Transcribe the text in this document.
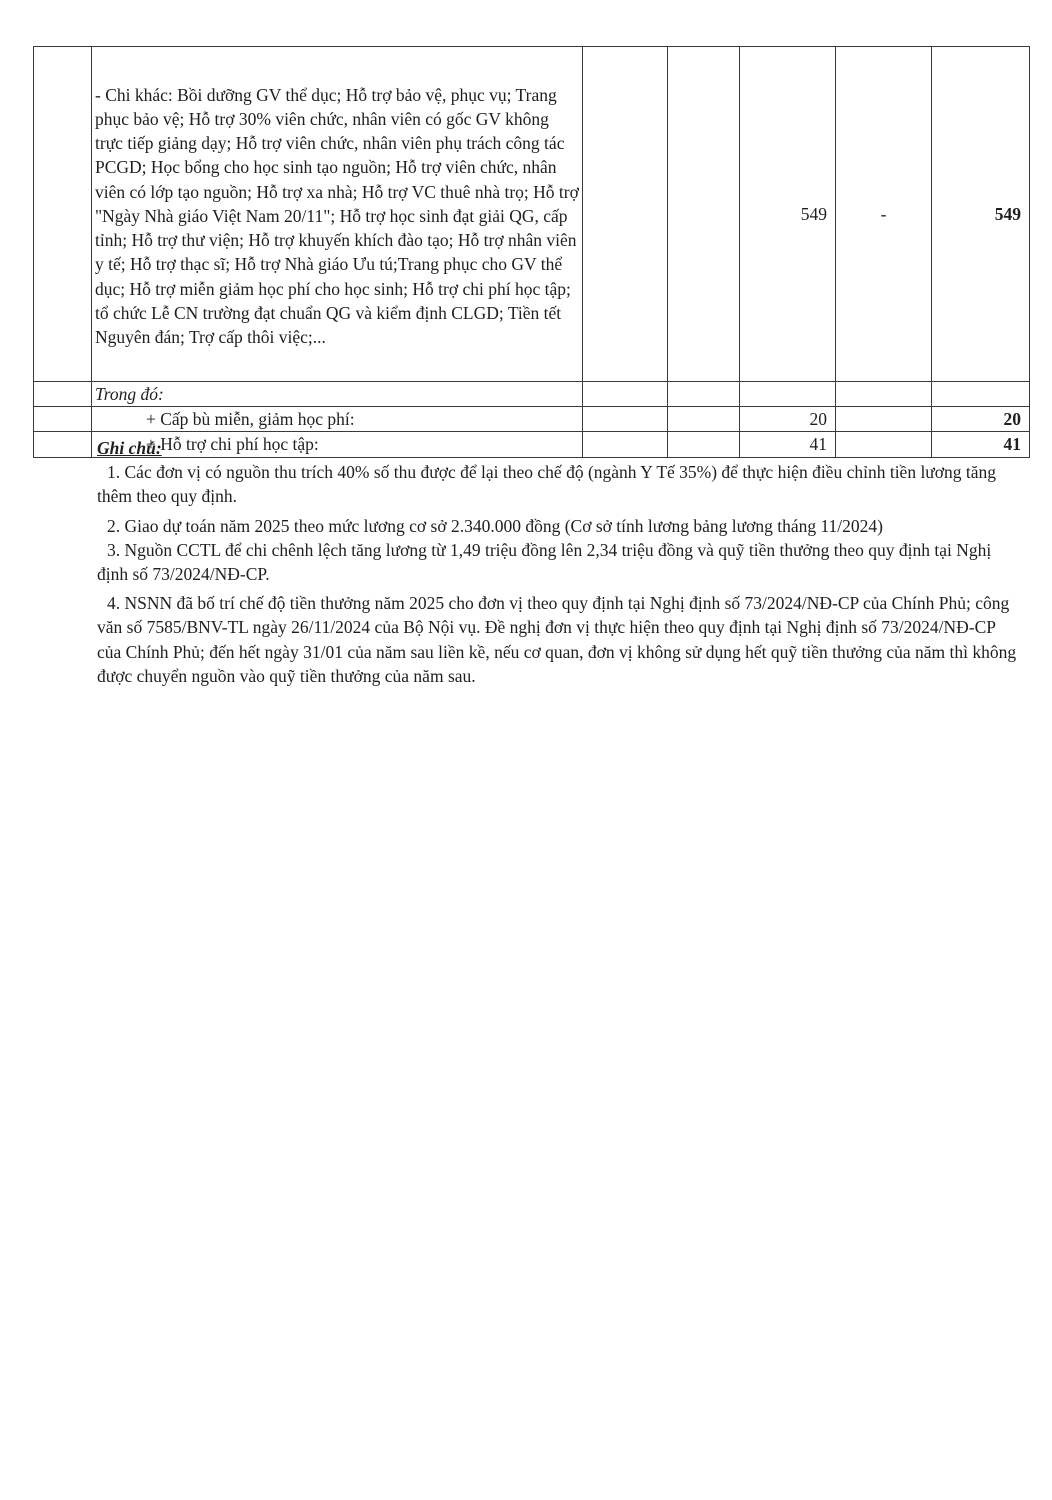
	- Chi khác: Bồi dưỡng GV thể dục; Hỗ trợ bảo vệ, phục vụ; Trang phục bảo vệ; Hỗ trợ 30% viên chức, nhân viên có gốc GV không trực tiếp giảng dạy; Hỗ trợ viên chức, nhân viên phụ trách công tác PCGD; Học bổng cho học sinh tạo nguồn; Hỗ trợ viên chức, nhân viên có lớp tạo nguồn; Hỗ trợ xa nhà; Hỗ trợ VC thuê nhà trọ; Hỗ trợ "Ngày Nhà giáo Việt Nam 20/11"; Hỗ trợ học sinh đạt giải QG, cấp tỉnh; Hỗ trợ thư viện; Hỗ trợ khuyến khích đào tạo; Hỗ trợ nhân viên y tế; Hỗ trợ thạc sĩ; Hỗ trợ Nhà giáo Ưu tú;Trang phục cho GV thể dục; Hỗ trợ miễn giảm học phí cho học sinh; Hỗ trợ chi phí học tập; tổ chức Lễ CN trường đạt chuẩn QG và kiểm định CLGD; Tiền tết Nguyên đán; Trợ cấp thôi việc;...			549	-	549
	Trong đó:					
	+ Cấp bù miễn, giảm học phí:			20		20
	+ Hỗ trợ chi phí học tập:			41		41
Ghi chú:

1. Các đơn vị có nguồn thu trích 40% số thu được để lại theo chế độ (ngành Y Tế 35%) để thực hiện điều chỉnh tiền lương tăng thêm theo quy định.

2. Giao dự toán năm 2025 theo mức lương cơ sở 2.340.000 đồng (Cơ sở tính lương bảng lương tháng 11/2024)

3. Nguồn CCTL để chi chênh lệch tăng lương từ 1,49 triệu đồng lên 2,34 triệu đồng và quỹ tiền thưởng theo quy định tại Nghị định số 73/2024/NĐ-CP.

4. NSNN đã bố trí chế độ tiền thưởng năm 2025 cho đơn vị theo quy định tại Nghị định số 73/2024/NĐ-CP của Chính Phủ; công văn số 7585/BNV-TL ngày 26/11/2024 của Bộ Nội vụ. Đề nghị đơn vị thực hiện theo quy định tại Nghị định số 73/2024/NĐ-CP của Chính Phủ; đến hết ngày 31/01 của năm sau liền kề, nếu cơ quan, đơn vị không sử dụng hết quỹ tiền thưởng của năm thì không được chuyển nguồn vào quỹ tiền thưởng của năm sau.
